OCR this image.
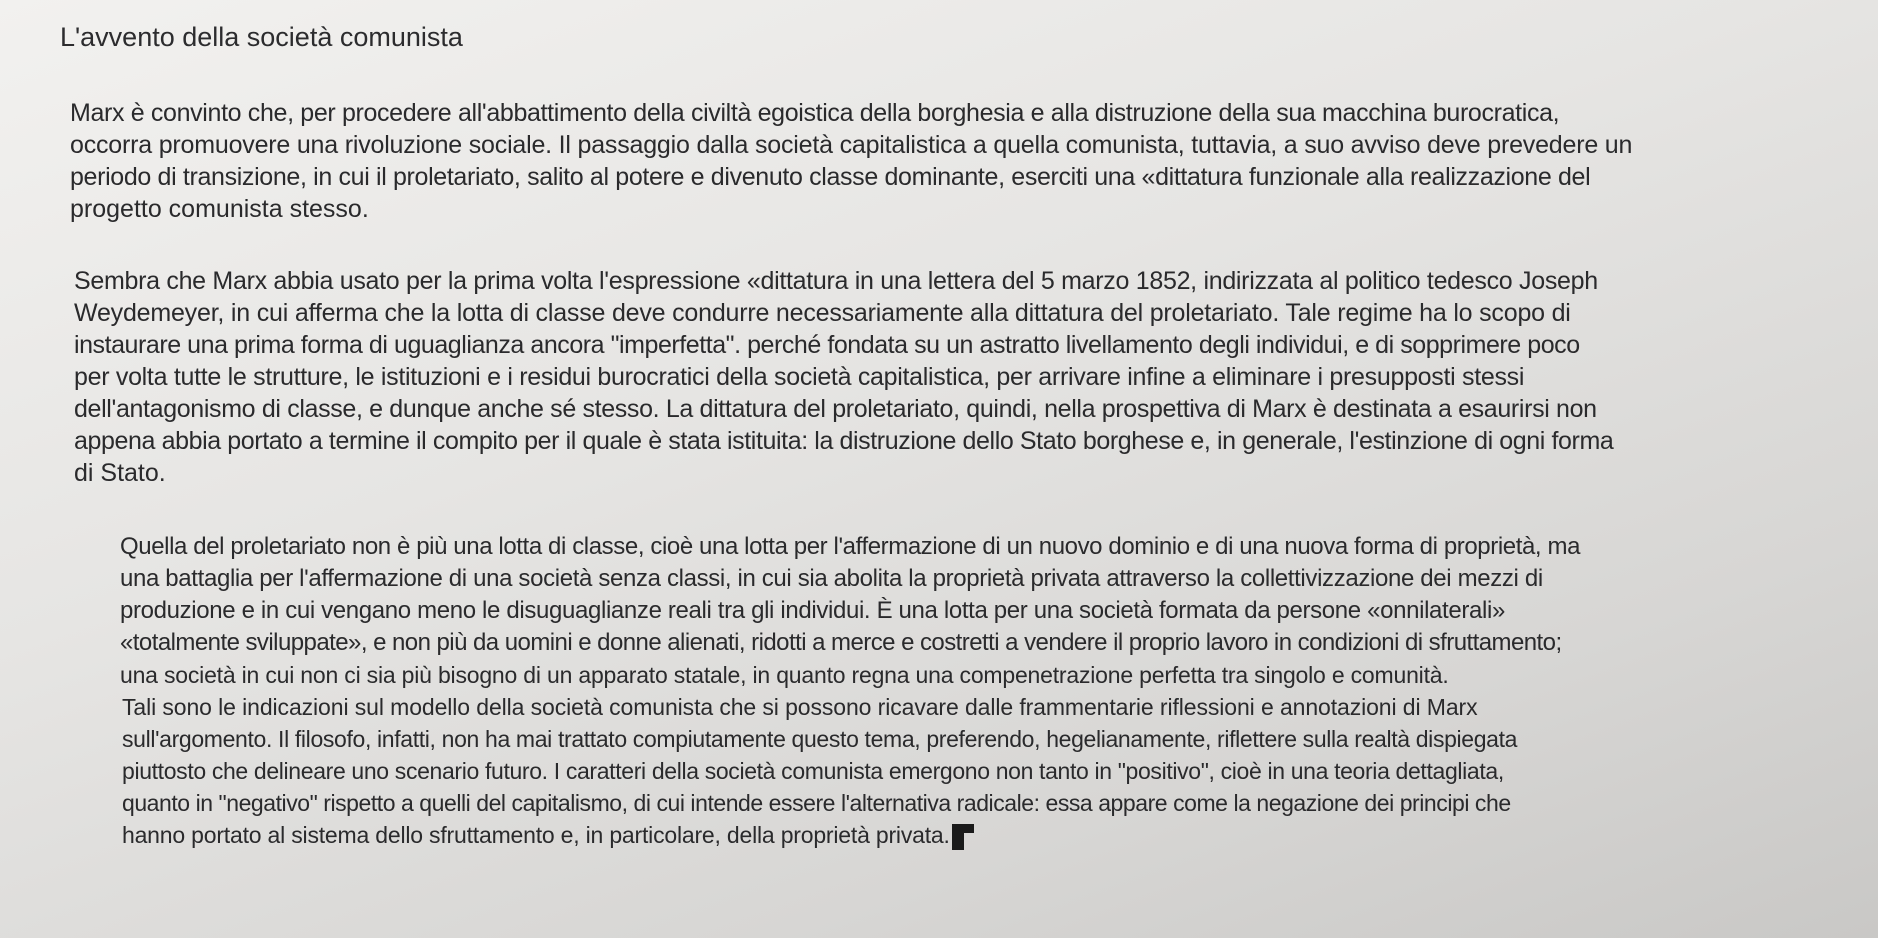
L'avvento della società comunista
Marx è convinto che, per procedere all'abbattimento della civiltà egoistica della borghesia e alla distruzione della sua macchina burocratica,
occorra promuovere una rivoluzione sociale. Il passaggio dalla società capitalistica a quella comunista, tuttavia, a suo avviso deve prevedere un
periodo di transizione, in cui il proletariato, salito al potere e divenuto classe dominante, eserciti una «dittatura funzionale alla realizzazione del
progetto comunista stesso.
Sembra che Marx abbia usato per la prima volta l'espressione «dittatura in una lettera del 5 marzo 1852, indirizzata al politico tedesco Joseph
Weydemeyer, in cui afferma che la lotta di classe deve condurre necessariamente alla dittatura del proletariato. Tale regime ha lo scopo di
instaurare una prima forma di uguaglianza ancora "imperfetta". perché fondata su un astratto livellamento degli individui, e di sopprimere poco
per volta tutte le strutture, le istituzioni e i residui burocratici della società capitalistica, per arrivare infine a eliminare i presupposti stessi
dell'antagonismo di classe, e dunque anche sé stesso. La dittatura del proletariato, quindi, nella prospettiva di Marx è destinata a esaurirsi non
appena abbia portato a termine il compito per il quale è stata istituita: la distruzione dello Stato borghese e, in generale, l'estinzione di ogni forma
di Stato.
Quella del proletariato non è più una lotta di classe, cioè una lotta per l'affermazione di un nuovo dominio e di una nuova forma di proprietà, ma
una battaglia per l'affermazione di una società senza classi, in cui sia abolita la proprietà privata attraverso la collettivizzazione dei mezzi di
produzione e in cui vengano meno le disuguaglianze reali tra gli individui. È una lotta per una società formata da persone «onnilaterali»
«totalmente sviluppate», e non più da uomini e donne alienati, ridotti a merce e costretti a vendere il proprio lavoro in condizioni di sfruttamento;
una società in cui non ci sia più bisogno di un apparato statale, in quanto regna una compenetrazione perfetta tra singolo e comunità.
Tali sono le indicazioni sul modello della società comunista che si possono ricavare dalle frammentarie riflessioni e annotazioni di Marx
sull'argomento. Il filosofo, infatti, non ha mai trattato compiutamente questo tema, preferendo, hegelianamente, riflettere sulla realtà dispiegata
piuttosto che delineare uno scenario futuro. I caratteri della società comunista emergono non tanto in "positivo", cioè in una teoria dettagliata,
quanto in "negativo" rispetto a quelli del capitalismo, di cui intende essere l'alternativa radicale: essa appare come la negazione dei principi che
hanno portato al sistema dello sfruttamento e, in particolare, della proprietà privata.
